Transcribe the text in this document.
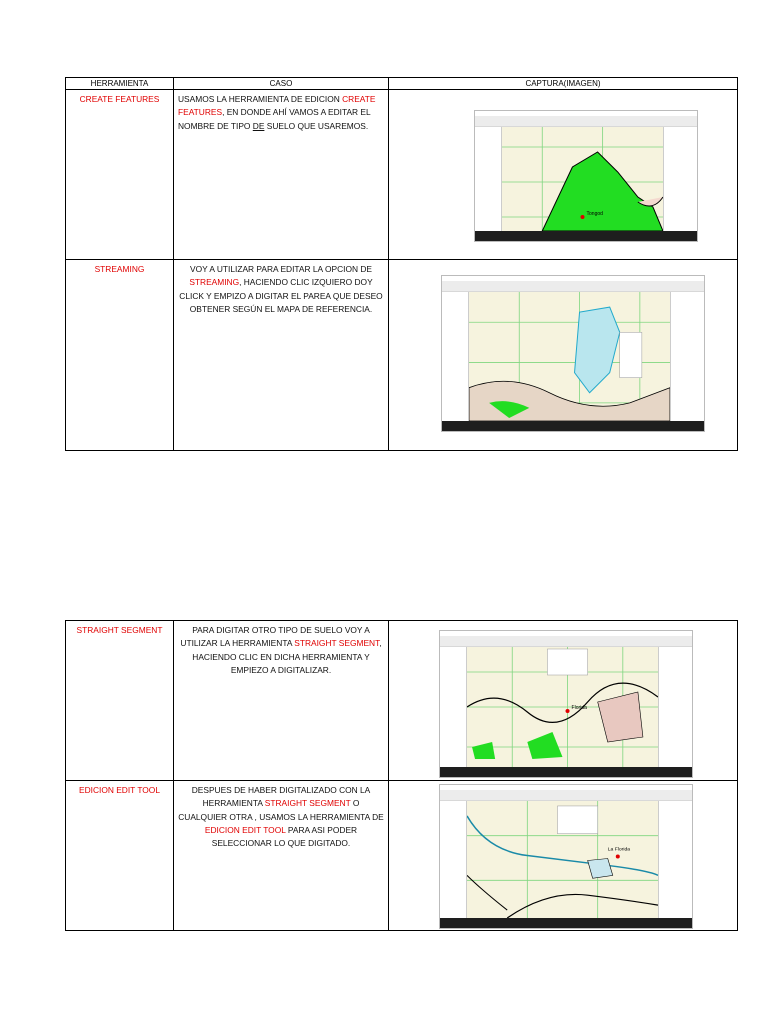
HERRAMIENTA	CASO	CAPTURA(IMAGEN)
CREATE FEATURES	USAMOS LA HERRAMIENTA DE EDICION CREATE FEATURES, EN DONDE AHÍ VAMOS A EDITAR EL NOMBRE DE TIPO DE SUELO QUE USAREMOS.	Tongod

STREAMING	VOY A UTILIZAR PARA EDITAR LA OPCION DE STREAMING, HACIENDO CLIC IZQUIERO DOY CLICK Y EMPIZO A DIGITAR EL PAREA QUE DESEO OBTENER SEGÚN EL MAPA DE REFERENCIA.	
STRAIGHT SEGMENT	PARA DIGITAR OTRO TIPO DE SUELO VOY A UTILIZAR LA HERRAMIENTA STRAIGHT SEGMENT, HACIENDO CLIC EN DICHA HERRAMIENTA Y EMPIEZO A DIGITALIZAR.	Florida

EDICION EDIT TOOL	DESPUES DE HABER DIGITALIZADO CON LA HERRAMIENTA STRAIGHT SEGMENT O CUALQUIER OTRA , USAMOS LA HERRAMIENTA DE EDICION EDIT TOOL PARA ASI PODER SELECCIONAR LO QUE DIGITADO.	La Florida
